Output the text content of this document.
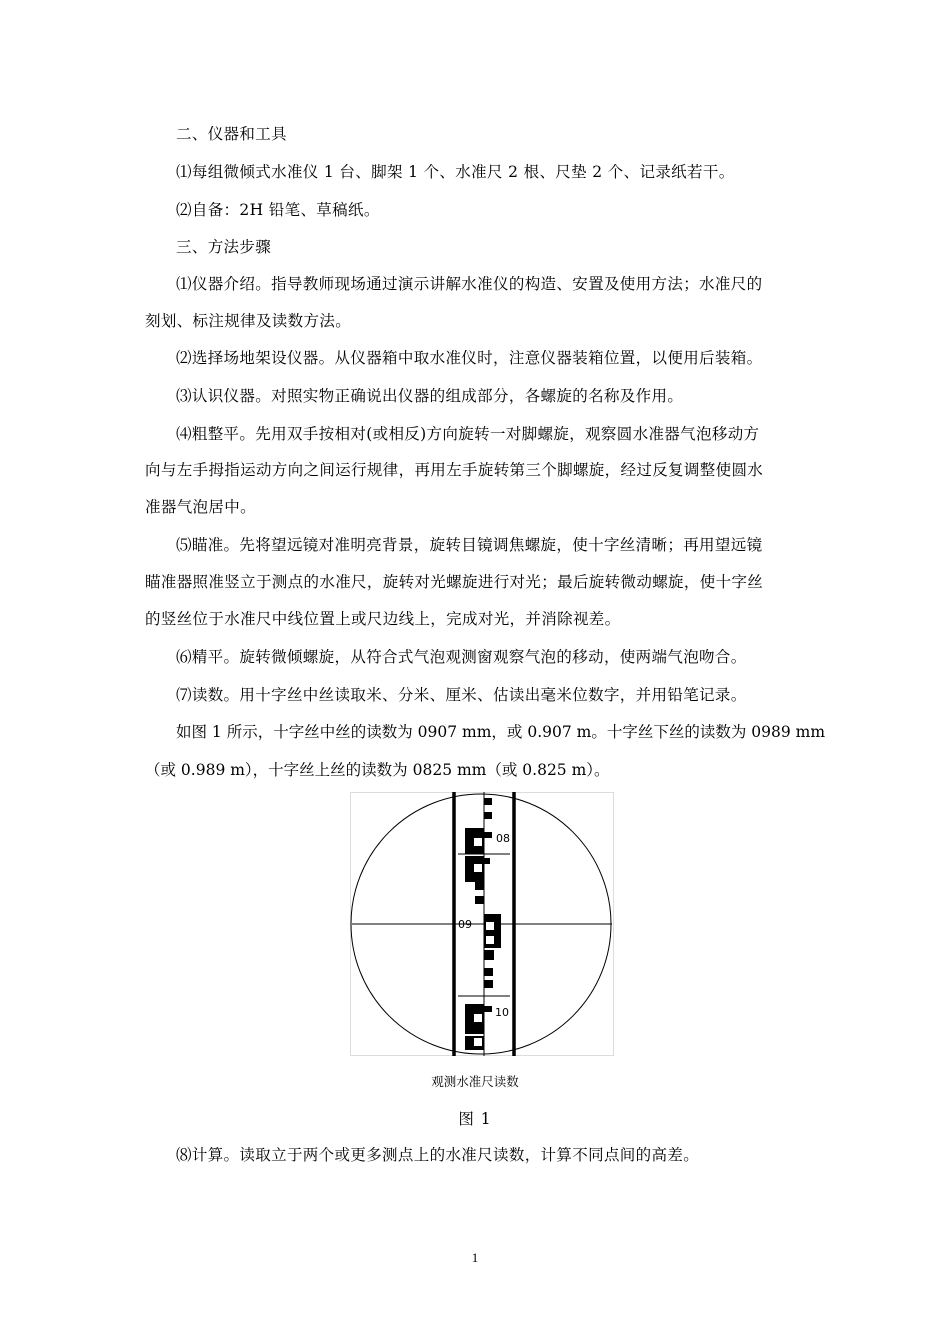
二、仪器和工具
⑴每组微倾式水准仪 1 台、脚架 1 个、水准尺 2 根、尺垫 2 个、记录纸若干。
⑵自备：2H 铅笔、草稿纸。
三、方法步骤
⑴仪器介绍。指导教师现场通过演示讲解水准仪的构造、安置及使用方法；水准尺的
刻划、标注规律及读数方法。
⑵选择场地架设仪器。从仪器箱中取水准仪时，注意仪器装箱位置，以便用后装箱。
⑶认识仪器。对照实物正确说出仪器的组成部分，各螺旋的名称及作用。
⑷粗整平。先用双手按相对(或相反)方向旋转一对脚螺旋，观察圆水准器气泡移动方
向与左手拇指运动方向之间运行规律，再用左手旋转第三个脚螺旋，经过反复调整使圆水
准器气泡居中。
⑸瞄准。先将望远镜对准明亮背景，旋转目镜调焦螺旋，使十字丝清晰；再用望远镜
瞄准器照准竖立于测点的水准尺，旋转对光螺旋进行对光；最后旋转微动螺旋，使十字丝
的竖丝位于水准尺中线位置上或尺边线上，完成对光，并消除视差。
⑹精平。旋转微倾螺旋，从符合式气泡观测窗观察气泡的移动，使两端气泡吻合。
⑺读数。用十字丝中丝读取米、分米、厘米、估读出毫米位数字，并用铅笔记录。
如图 1 所示，十字丝中丝的读数为 0907 mm，或 0.907 m。十字丝下丝的读数为 0989 mm
（或 0.989 m），十字丝上丝的读数为 0825 mm（或 0.825 m）。
08
09
10
观测水准尺读数
图 1
⑻计算。读取立于两个或更多测点上的水准尺读数，计算不同点间的高差。
1
